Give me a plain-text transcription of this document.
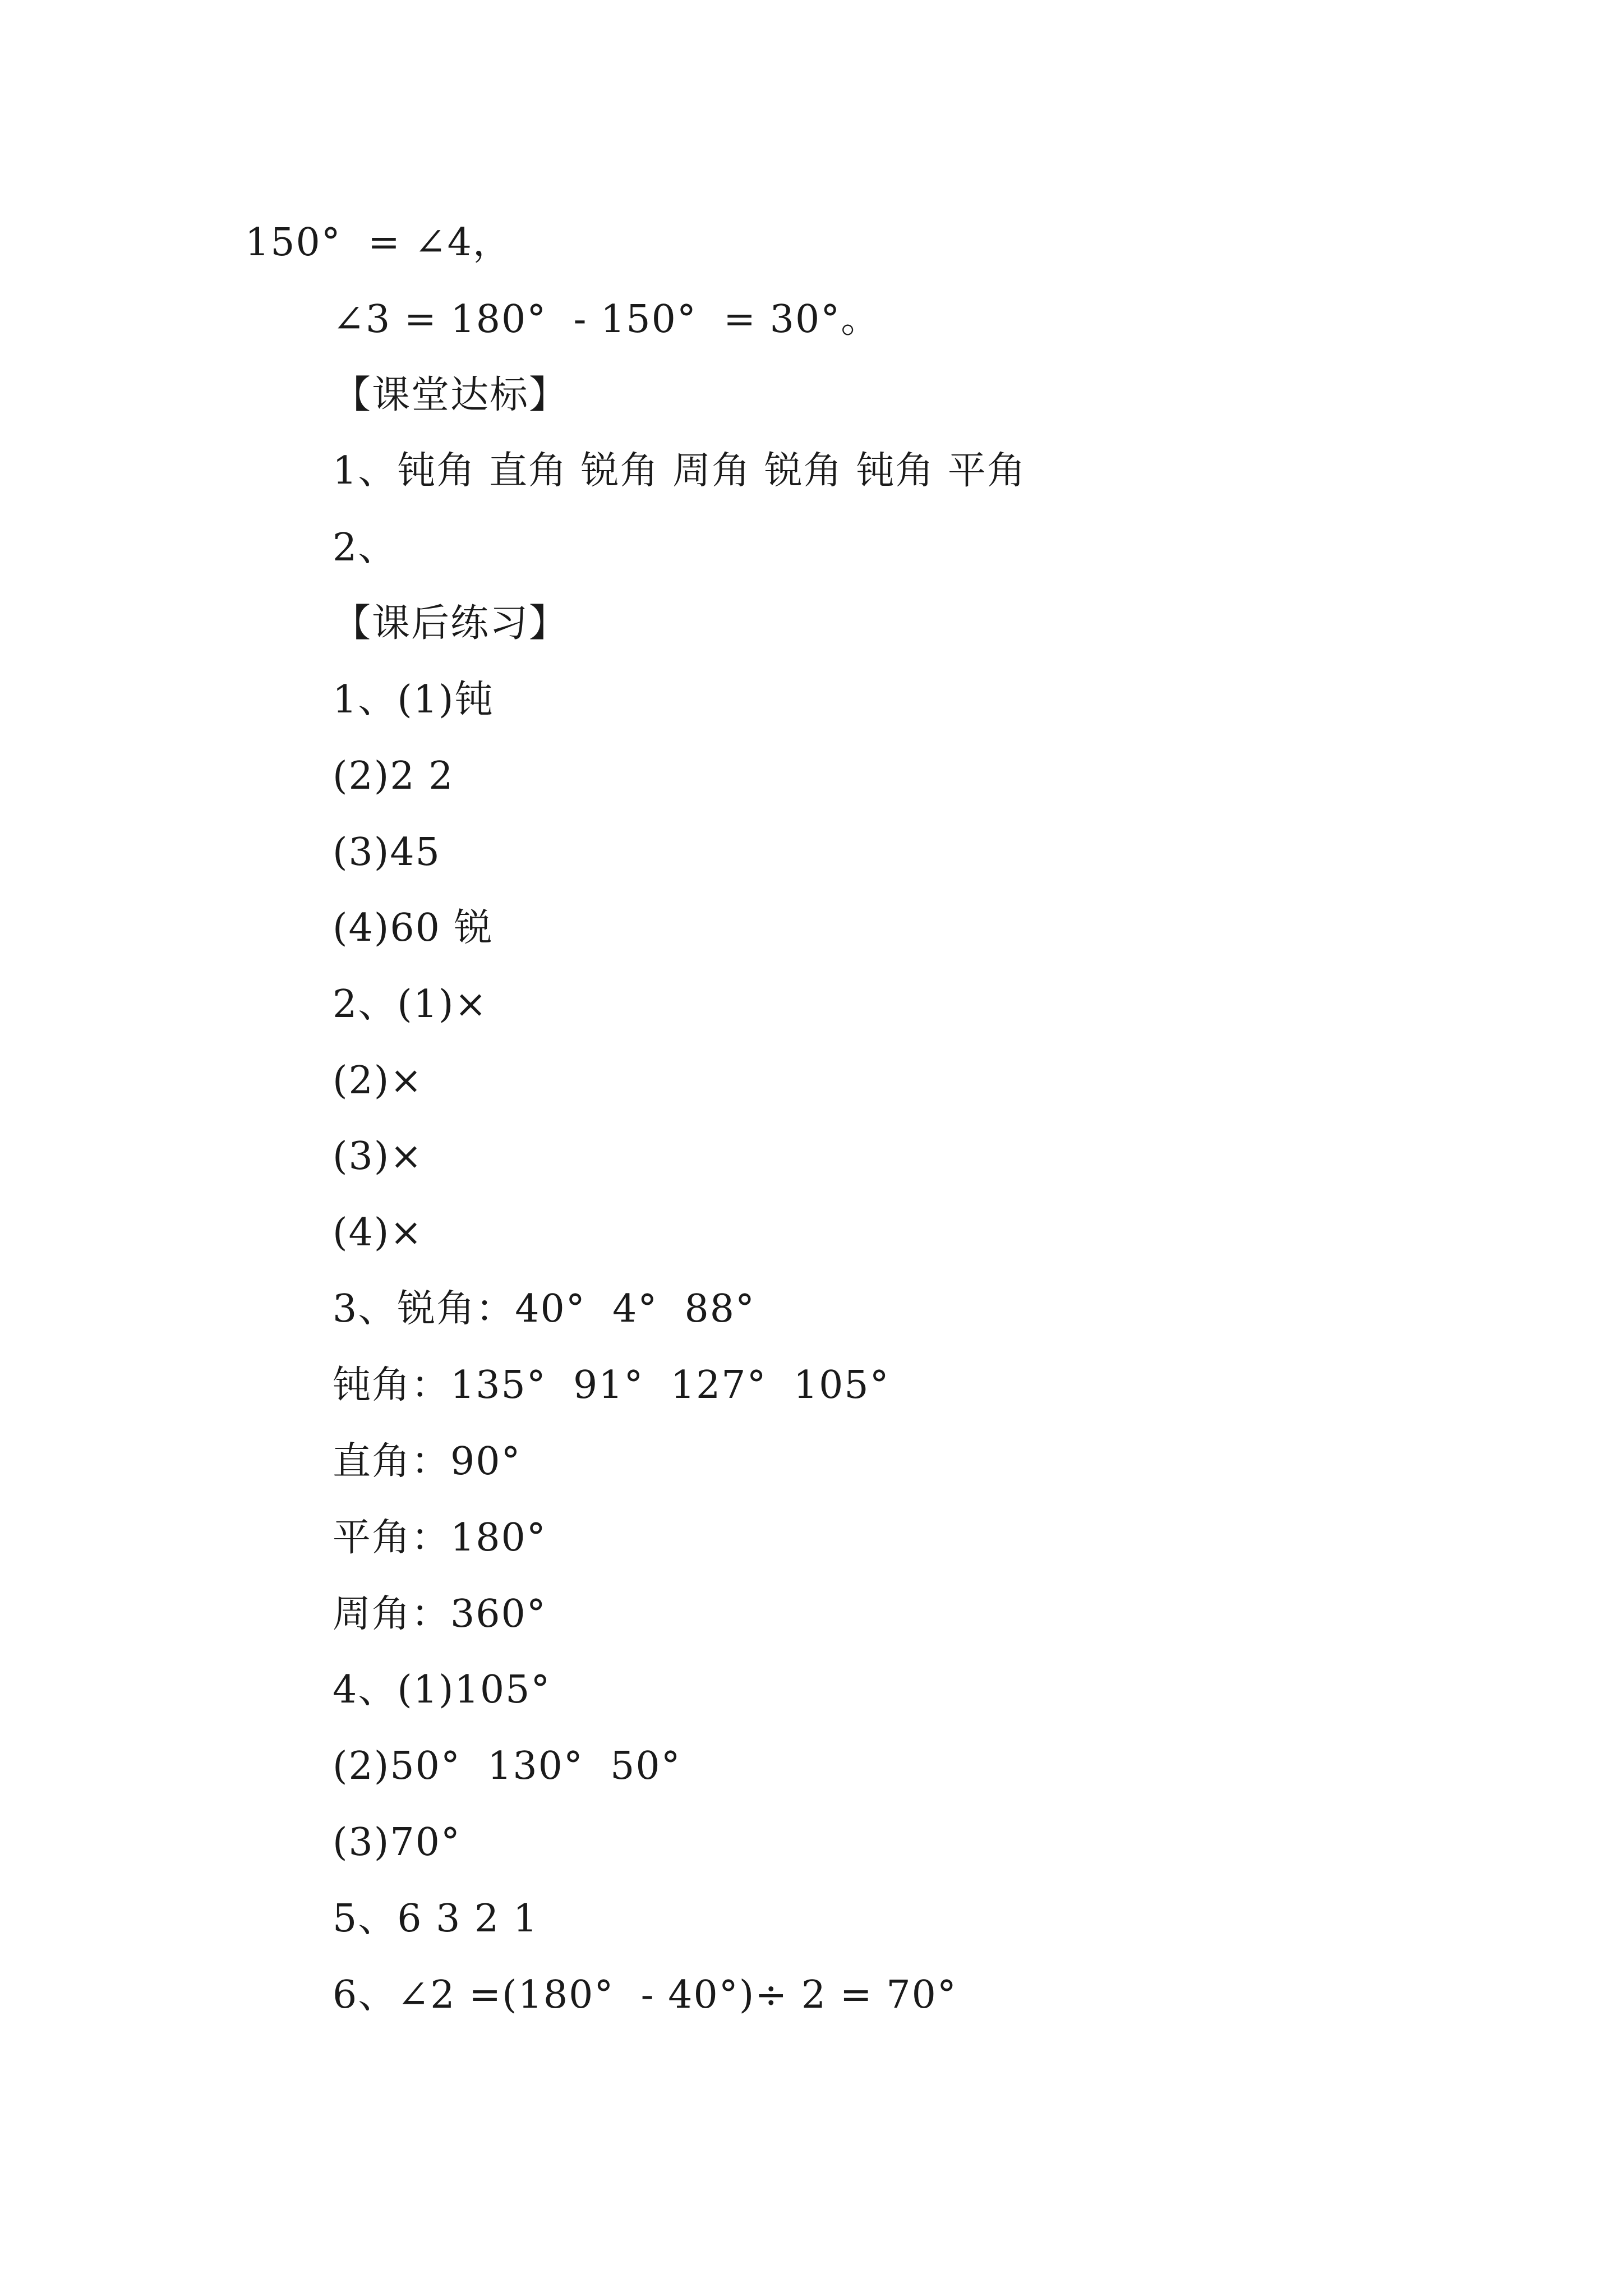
150°  = ∠4，

∠3 = 180°  - 150°  = 30°。

【课堂达标】

1、钝角 直角 锐角 周角 锐角 钝角 平角

2、

【课后练习】

1、(1)钝

(2)2 2

(3)45

(4)60 锐

2、(1)×

(2)×

(3)×

(4)×

3、锐角：40°  4°  88°

钝角：135°  91°  127°  105°

直角：90°

平角：180°

周角：360°

4、(1)105°

(2)50°  130°  50°

(3)70°

5、6 3 2 1

6、∠2 =(180°  - 40°)÷ 2 = 70°
